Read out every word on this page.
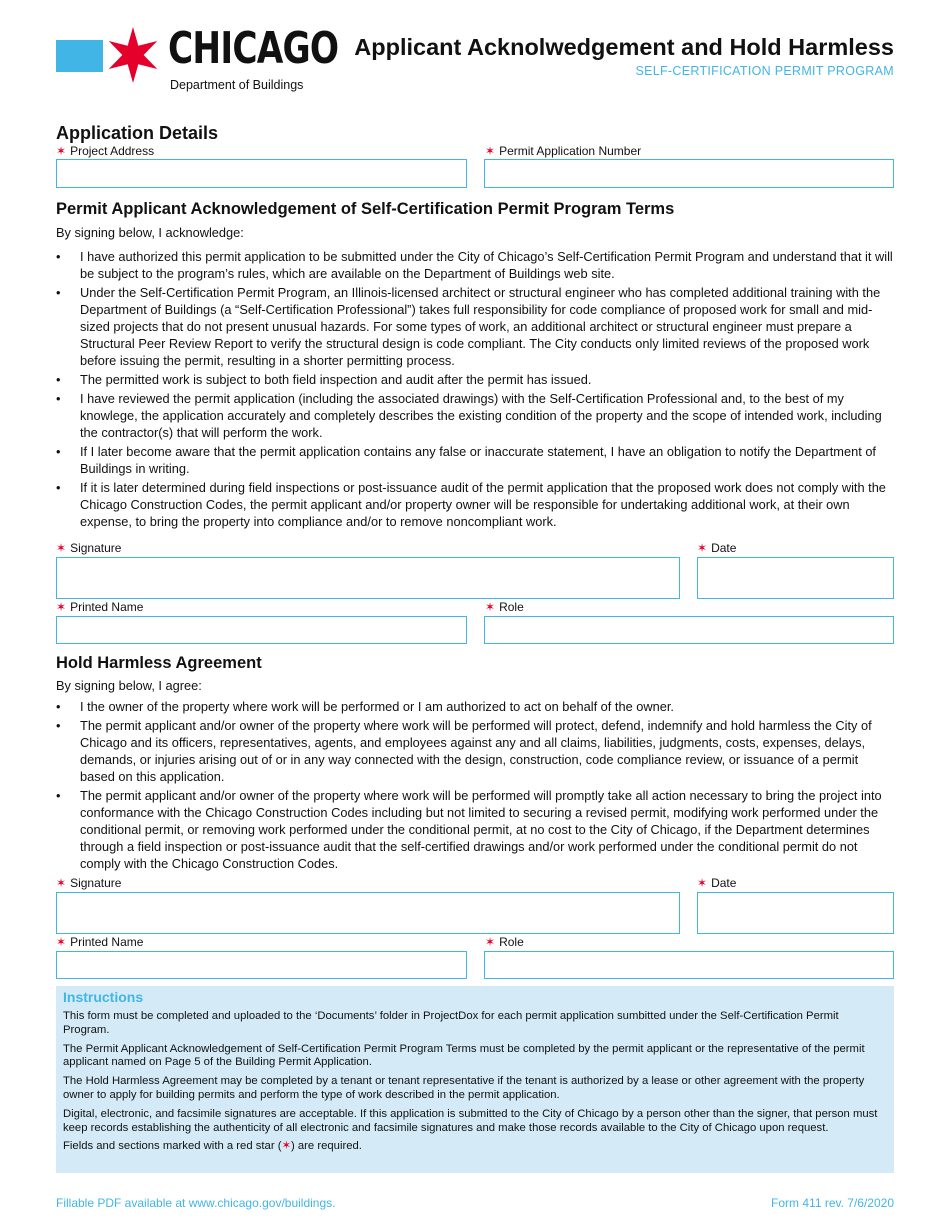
CHICAGO
Department of Buildings
Applicant Acknolwedgement and Hold Harmless
SELF-CERTIFICATION PERMIT PROGRAM
Application Details
✶ Project Address	✶ Permit Application Number
Permit Applicant Acknowledgement of Self-Certification Permit Program Terms
By signing below, I acknowledge:
• I have authorized this permit application to be submitted under the City of Chicago’s Self-Certification Permit Program and understand that it will be subject to the program’s rules, which are available on the Department of Buildings web site.
• Under the Self-Certification Permit Program, an Illinois-licensed architect or structural engineer who has completed additional training with the Department of Buildings (a “Self-Certification Professional”) takes full responsibility for code compliance of proposed work for small and mid-sized projects that do not present unusual hazards. For some types of work, an additional architect or structural engineer must prepare a Structural Peer Review Report to verify the structural design is code compliant. The City conducts only limited reviews of the proposed work before issuing the permit, resulting in a shorter permitting process.
• The permitted work is subject to both field inspection and audit after the permit has issued.
• I have reviewed the permit application (including the associated drawings) with the Self-Certification Professional and, to the best of my knowlege, the application accurately and completely describes the existing condition of the property and the scope of intended work, including the contractor(s) that will perform the work.
• If I later become aware that the permit application contains any false or inaccurate statement, I have an obligation to notify the Department of Buildings in writing.
• If it is later determined during field inspections or post-issuance audit of the permit application that the proposed work does not comply with the Chicago Construction Codes, the permit applicant and/or property owner will be responsible for undertaking additional work, at their own expense, to bring the property into compliance and/or to remove noncompliant work.
✶ Signature	✶ Date
✶ Printed Name	✶ Role
Hold Harmless Agreement
By signing below, I agree:
• I the owner of the property where work will be performed or I am authorized to act on behalf of the owner.
• The permit applicant and/or owner of the property where work will be performed will protect, defend, indemnify and hold harmless the City of Chicago and its officers, representatives, agents, and employees against any and all claims, liabilities, judgments, costs, expenses, delays, demands, or injuries arising out of or in any way connected with the design, construction, code compliance review, or issuance of a permit based on this application.
• The permit applicant and/or owner of the property where work will be performed will promptly take all action necessary to bring the project into conformance with the Chicago Construction Codes including but not limited to securing a revised permit, modifying work performed under the conditional permit, or removing work performed under the conditional permit, at no cost to the City of Chicago, if the Department determines through a field inspection or post-issuance audit that the self-certified drawings and/or work performed under the conditional permit do not comply with the Chicago Construction Codes.
✶ Signature	✶ Date
✶ Printed Name	✶ Role
Instructions

This form must be completed and uploaded to the ‘Documents’ folder in ProjectDox for each permit application sumbitted under the Self-Certification Permit Program.

The Permit Applicant Acknowledgement of Self-Certification Permit Program Terms must be completed by the permit applicant or the representative of the permit applicant named on Page 5 of the Building Permit Application.

The Hold Harmless Agreement may be completed by a tenant or tenant representative if the tenant is authorized by a lease or other agreement with the property owner to apply for building permits and perform the type of work described in the permit application.

Digital, electronic, and facsimile signatures are acceptable. If this application is submitted to the City of Chicago by a person other than the signer, that person must keep records establishing the authenticity of all electronic and facsimile signatures and make those records available to the City of Chicago upon request.

Fields and sections marked with a red star (✶) are required.

Fillable PDF available at www.chicago.gov/buildings.	Form 411 rev. 7/6/2020
